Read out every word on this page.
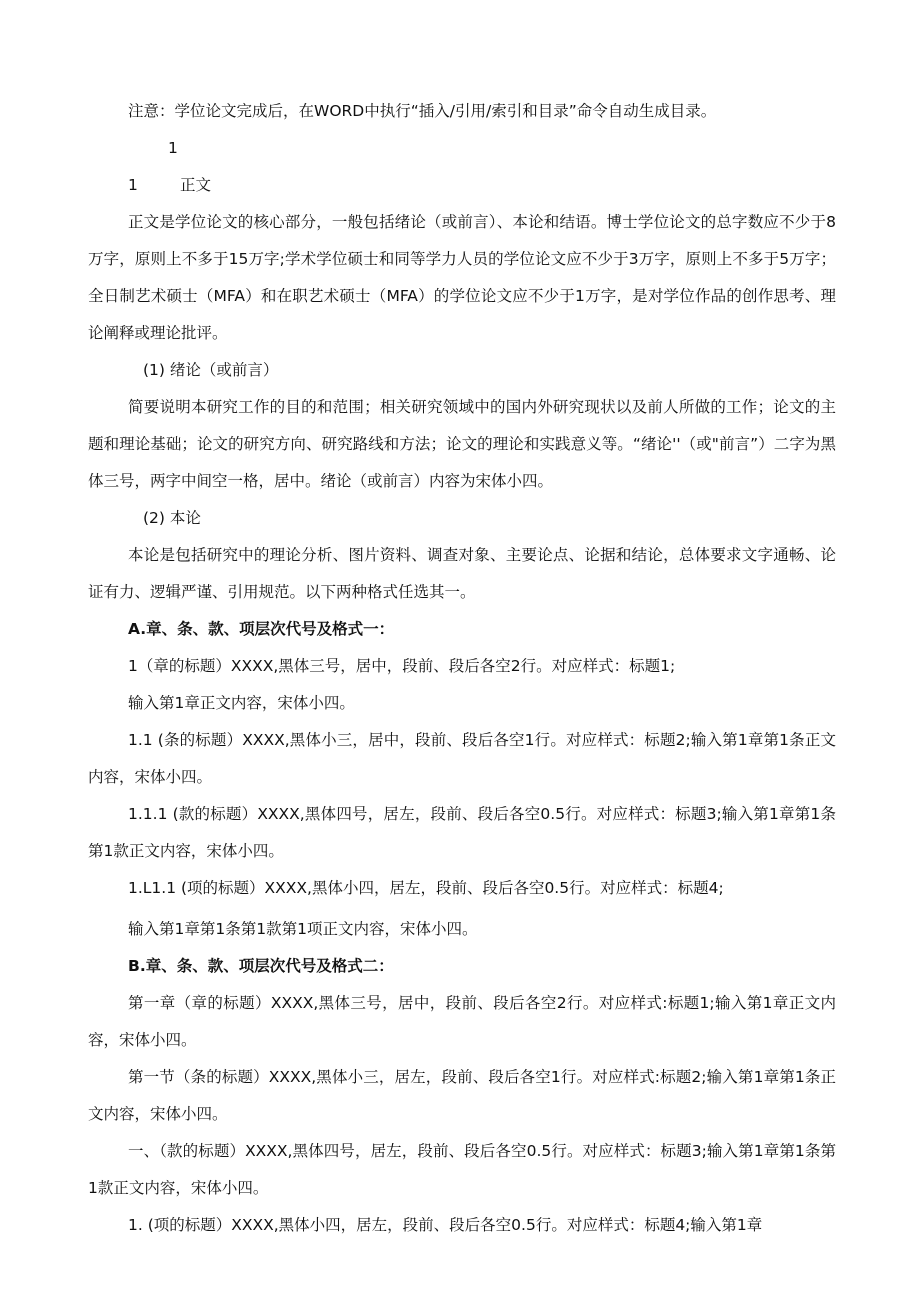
注意：学位论文完成后，在WORD中执行“插入/引用/索引和目录”命令自动生成目录。

11	正文

正文是学位论文的核心部分，一般包括绪论（或前言）、本论和结语。博士学位论文的总字数应不少于8万字，原则上不多于15万字;学术学位硕士和同等学力人员的学位论文应不少于3万字，原则上不多于5万字；全日制艺术硕士（MFA）和在职艺术硕士（MFA）的学位论文应不少于1万字，是对学位作品的创作思考、理论阐释或理论批评。

(1) 绪论（或前言）

简要说明本研究工作的目的和范围；相关研究领域中的国内外研究现状以及前人所做的工作；论文的主题和理论基础；论文的研究方向、研究路线和方法；论文的理论和实践意义等。“绪论''（或"前言”）二字为黑体三号，两字中间空一格，居中。绪论（或前言）内容为宋体小四。

(2) 本论

本论是包括研究中的理论分析、图片资料、调查对象、主要论点、论据和结论，总体要求文字通畅、论证有力、逻辑严谨、引用规范。以下两种格式任选其一。

A.章、条、款、项层次代号及格式一：

1（章的标题）XXXX,黑体三号，居中，段前、段后各空2行。对应样式：标题1;

输入第1章正文内容，宋体小四。

1.1 (条的标题）XXXX,黑体小三，居中，段前、段后各空1行。对应样式：标题2;输入第1章第1条正文内容，宋体小四。

1.1.1 (款的标题）XXXX,黑体四号，居左，段前、段后各空0.5行。对应样式：标题3;输入第1章第1条第1款正文内容，宋体小四。

1.L1.1 (项的标题）XXXX,黑体小四，居左，段前、段后各空0.5行。对应样式：标题4;

输入第1章第1条第1款第1项正文内容，宋体小四。

B.章、条、款、项层次代号及格式二：

第一章（章的标题）XXXX,黑体三号，居中，段前、段后各空2行。对应样式:标题1;输入第1章正文内容，宋体小四。

第一节（条的标题）XXXX,黑体小三，居左，段前、段后各空1行。对应样式:标题2;输入第1章第1条正文内容，宋体小四。

一、（款的标题）XXXX,黑体四号，居左，段前、段后各空0.5行。对应样式：标题3;输入第1章第1条第1款正文内容，宋体小四。

1. (项的标题）XXXX,黑体小四，居左，段前、段后各空0.5行。对应样式：标题4;输入第1章
